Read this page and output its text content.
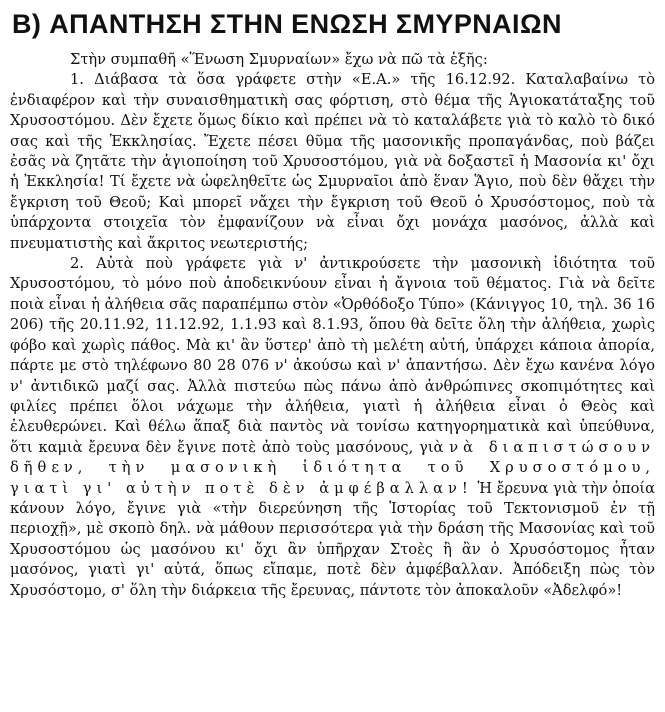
B) ΑΠΑΝΤΗΣΗ ΣΤΗΝ ΕΝΩΣΗ ΣΜΥΡΝΑΙΩΝ

Στὴν συμπαθῆ «Ἕνωση Σμυρναίων» ἔχω νὰ πῶ τὰ ἑξῆς:

1. Διάβασα τὰ ὅσα γράφετε στὴν «Ε.Α.» τῆς 16.12.92. Καταλαβαίνω τὸ ἐνδιαφέρον καὶ τὴν συναισθηματικὴ σας φόρτιση, στὸ θέμα τῆς Ἁγιοκατάταξης τοῦ Χρυσοστόμου. Δὲν ἔχετε ὅμως δίκιο καὶ πρέπει νὰ τὸ καταλάβετε γιὰ τὸ καλὸ τὸ δικό σας καὶ τῆς Ἐκκλησίας. Ἔχετε πέσει θῦμα τῆς μασονικῆς προπαγάνδας, ποὺ βάζει ἐσᾶς νὰ ζητᾶτε τὴν ἁγιοποίηση τοῦ Χρυσοστόμου, γιὰ νὰ δοξαστεῖ ἡ Μασονία κι' ὄχι ἡ Ἐκκλησία! Τί ἔχετε νὰ ὠφεληθεῖτε ὡς Σμυρναῖοι ἀπὸ ἕναν Ἅγιο, ποὺ δὲν θἄχει τὴν ἔγκριση τοῦ Θεοῦ; Καὶ μπορεῖ νἄχει τὴν ἔγκριση τοῦ Θεοῦ ὁ Χρυσόστομος, ποὺ τὰ ὑπάρχοντα στοιχεῖα τὸν ἐμφανίζουν νὰ εἶναι ὄχι μονάχα μασόνος, ἀλλὰ καὶ πνευματιστὴς καὶ ἄκριτος νεωτεριστής;

2. Αὐτὰ ποὺ γράφετε γιὰ ν' ἀντικρούσετε τὴν μασονικὴ ἰδιότητα τοῦ Χρυσοστόμου, τὸ μόνο ποὺ ἀποδεικνύουν εἶναι ἡ ἄγνοια τοῦ θέματος. Γιὰ νὰ δεῖτε ποιὰ εἶναι ἡ ἀλήθεια σᾶς παραπέμπω στὸν «Ὀρθόδοξο Τύπο» (Κάνιγγος 10, τηλ. 36 16 206) τῆς 20.11.92, 11.12.92, 1.1.93 καὶ 8.1.93, ὅπου θὰ δεῖτε ὅλη τὴν ἀλήθεια, χωρὶς φόβο καὶ χωρὶς πάθος. Μὰ κι' ἂν ὕστερ' ἀπὸ τὴ μελέτη αὐτή, ὑπάρχει κάποια ἀπορία, πάρτε με στὸ τηλέφωνο 80 28 076 ν' ἀκούσω καὶ ν' ἀπαντήσω. Δὲν ἔχω κανένα λόγο ν' ἀντιδικῶ μαζί σας. Ἀλλὰ πιστεύω πὼς πάνω ἀπὸ ἀνθρώπινες σκοπιμότητες καὶ φιλίες πρέπει ὅλοι νάχωμε τὴν ἀλήθεια, γιατὶ ἡ ἀλήθεια εἶναι ὁ Θεὸς καὶ ἐλευθερώνει. Καὶ θέλω ἅπαξ διὰ παντὸς νὰ τονίσω κατηγορηματικὰ καὶ ὑπεύθυνα, ὅτι καμιὰ ἔρευνα δὲν ἔγινε ποτὲ ἀπὸ τοὺς μασόνους, γιὰ νὰ διαπιστώσουν δῆθεν, τὴν μασονικὴ ἰδιότητα τοῦ Χρυσοστόμου, γιατὶ γι' αὐτὴν ποτὲ δὲν ἀμφέβαλλαν! Ἡ ἔρευνα γιὰ τὴν ὁποία κάνουν λόγο, ἔγινε γιὰ «τὴν διερεύνηση τῆς Ἱστορίας τοῦ Τεκτονισμοῦ ἐν τῇ περιοχῇ», μὲ σκοπὸ δηλ. νὰ μάθουν περισσότερα γιὰ τὴν δράση τῆς Μασονίας καὶ τοῦ Χρυσοστόμου ὡς μασόνου κι' ὄχι ἂν ὑπῆρχαν Στοὲς ἢ ἂν ὁ Χρυσόστομος ἦταν μασόνος, γιατὶ γι' αὐτά, ὅπως εἴπαμε, ποτὲ δὲν ἀμφέβαλλαν. Ἀπόδειξη πὼς τὸν Χρυσόστομο, σ' ὅλη τὴν διάρκεια τῆς ἔρευνας, πάντοτε τὸν ἀποκαλοῦν «Ἀδελφό»!
